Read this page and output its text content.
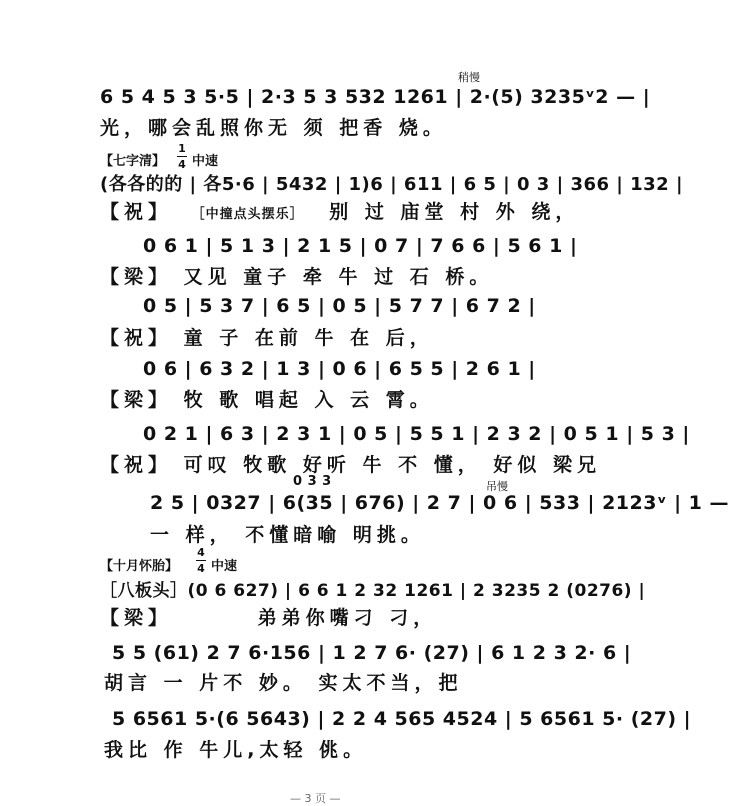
稍慢
6 5 4 5 3 5·5 | 2·3 5 3 532 1261 | 2·(5) 3235ᵛ2 — |
光，哪会乱照你无 须 把香 烧。
【七字清】
1
4 中速
(各各的的 | 各5·6 | 5432 | 1)6 | 611 | 6 5 | 0 3 | 366 | 132 |
【祝】 ［中撞点头摆乐］ 别 过 庙堂 村 外 绕，
0 6 1 | 5 1 3 | 2 1 5 | 0 7 | 7 6 6 | 5 6 1 |
【梁】 又见 童子 牵 牛 过 石 桥。
0 5 | 5 3 7 | 6 5 | 0 5 | 5 7 7 | 6 7 2 |
【祝】 童 子 在前 牛 在 后，
0 6 | 6 3 2 | 1 3 | 0 6 | 6 5 5 | 2 6 1 |
【梁】 牧 歌 唱起 入 云 霄。
0 2 1 | 6 3 | 2 3 1 | 0 5 | 5 5 1 | 2 3 2 | 0 5 1 | 5 3 |
【祝】 可叹 牧歌 好听 牛 不 懂， 好似 梁兄
吊慢
0 3 3
2 5 | 0327 | 6(35 | 676) | 2 7 | 0 6 | 533 | 2123ᵛ | 1 —
一 样， 不懂暗喻 明挑。
【十月怀胎】
4
4 中速
［八板头］(0 6 627) | 6 6 1 2 32 1261 | 2 3235 2 (0276) |
【梁】	弟弟你嘴刁 刁，
5 5 (61) 2 7 6·156 | 1 2 7 6· (27) | 6 1 2 3 2· 6 |
胡言 一 片不 妙。 实太不当，把
5 6561 5·(6 5643) | 2 2 4 565 4524 | 5 6561 5· (27) |
我比 作 牛儿,太轻 佻。
— 3 页 —
